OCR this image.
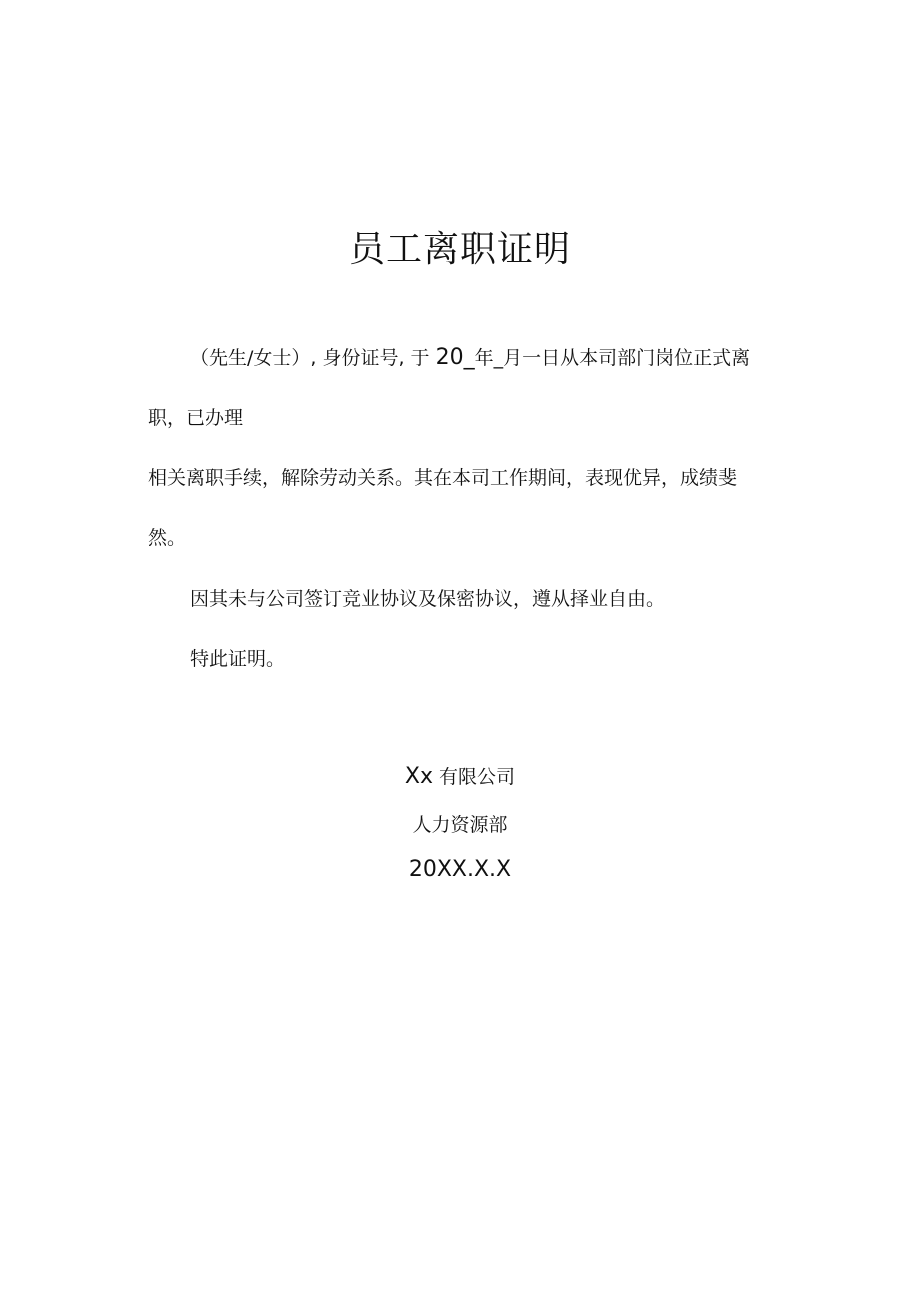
员工离职证明
（先生/女士）, 身份证号, 于 20_年_月一日从本司部门岗位正式离
职，已办理
相关离职手续，解除劳动关系。其在本司工作期间，表现优异，成绩斐
然。
因其未与公司签订竞业协议及保密协议，遵从择业自由。
特此证明。
Xx 有限公司
人力资源部
20XX.X.X
